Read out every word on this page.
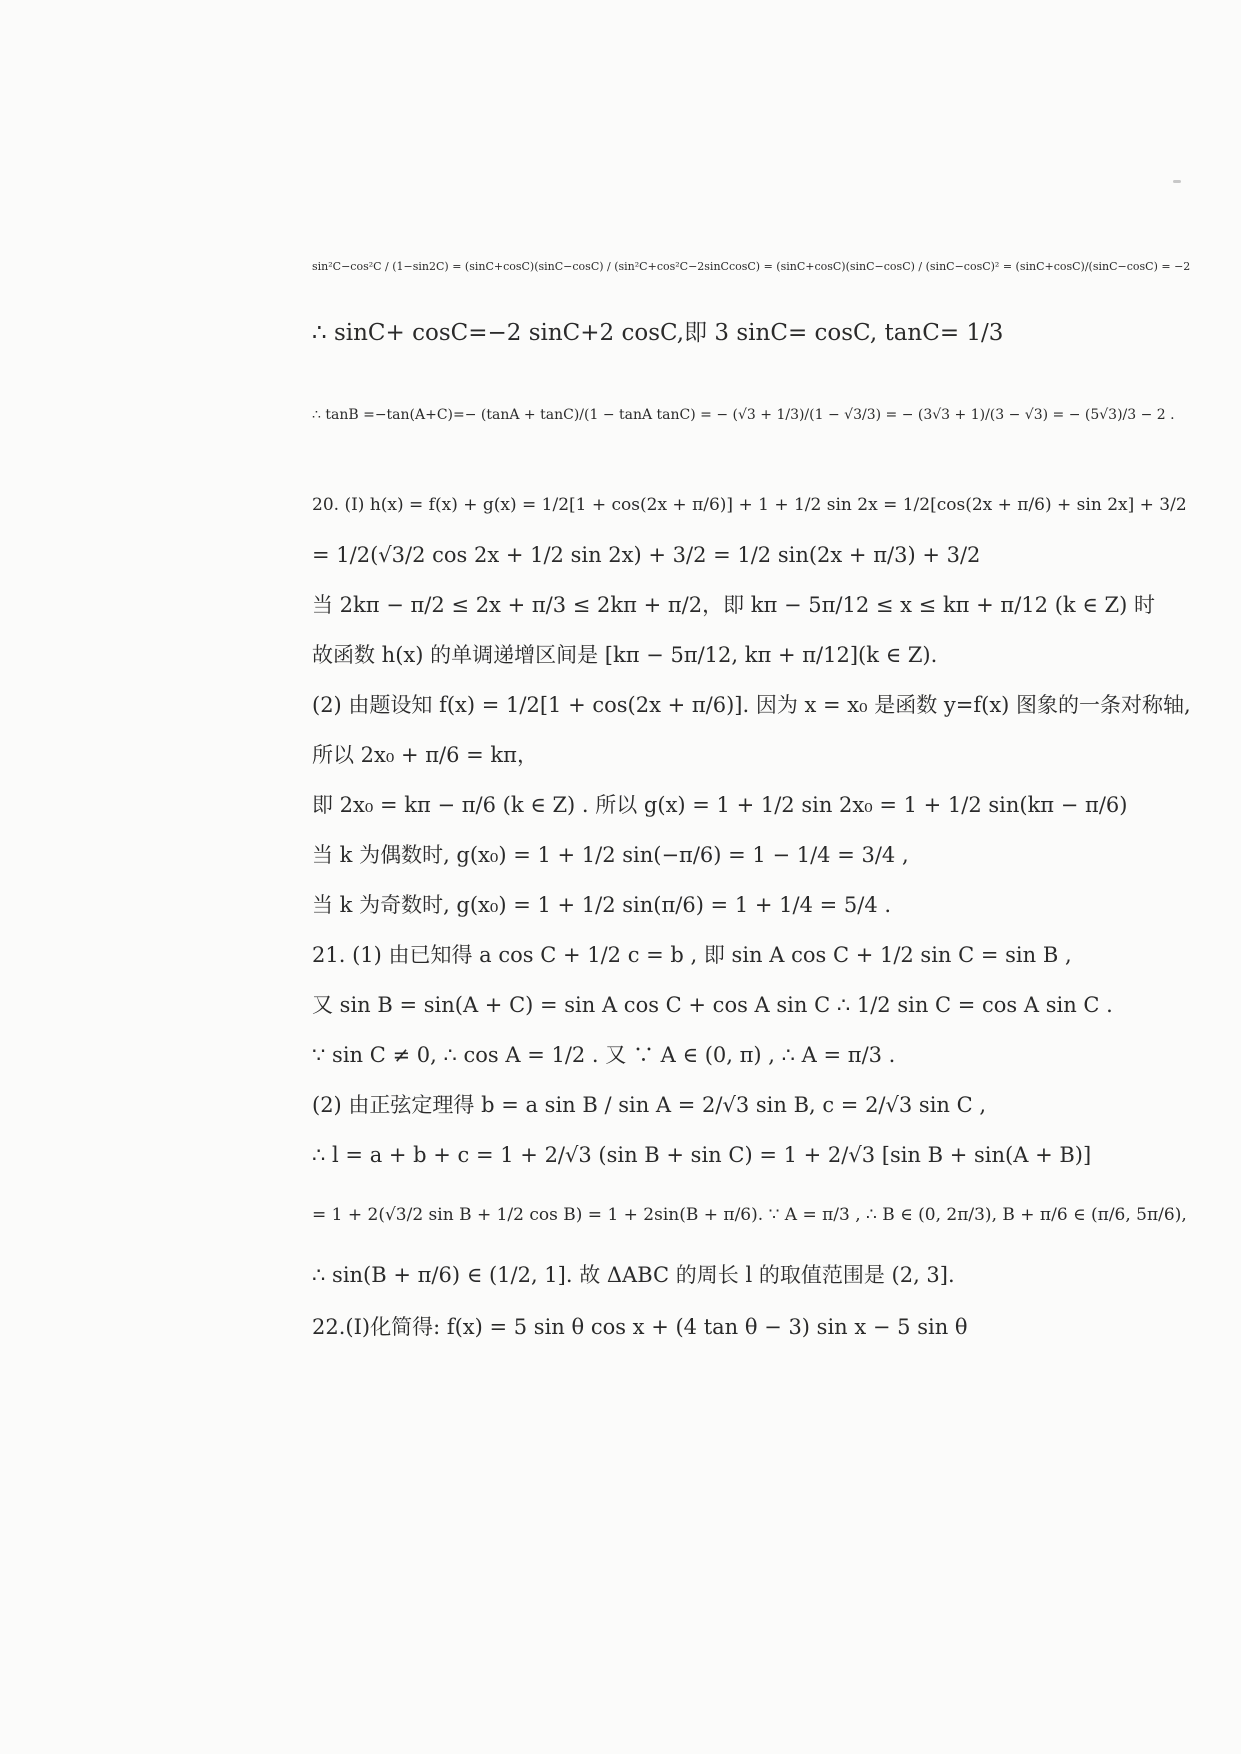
sin²C−cos²C / (1−sin2C) = (sinC+cosC)(sinC−cosC) / (sin²C+cos²C−2sinCcosC) = (sinC+cosC)(sinC−cosC) / (sinC−cosC)² = (sinC+cosC)/(sinC−cosC) = −2
∴ sinC+ cosC=−2 sinC+2 cosC,即 3 sinC= cosC, tanC= 1/3
∴ tanB =−tan(A+C)=− (tanA + tanC)/(1 − tanA tanC) = − (√3 + 1/3)/(1 − √3/3) = − (3√3 + 1)/(3 − √3) = − (5√3)/3 − 2 .
20. (I) h(x) = f(x) + g(x) = 1/2[1 + cos(2x + π/6)] + 1 + 1/2 sin 2x = 1/2[cos(2x + π/6) + sin 2x] + 3/2
= 1/2(√3/2 cos 2x + 1/2 sin 2x) + 3/2 = 1/2 sin(2x + π/3) + 3/2
当 2kπ − π/2 ≤ 2x + π/3 ≤ 2kπ + π/2，即 kπ − 5π/12 ≤ x ≤ kπ + π/12 (k ∈ Z) 时
故函数 h(x) 的单调递增区间是 [kπ − 5π/12, kπ + π/12](k ∈ Z).
(2) 由题设知 f(x) = 1/2[1 + cos(2x + π/6)]. 因为 x = x₀ 是函数 y=f(x) 图象的一条对称轴,
所以 2x₀ + π/6 = kπ，
即 2x₀ = kπ − π/6 (k ∈ Z) . 所以 g(x) = 1 + 1/2 sin 2x₀ = 1 + 1/2 sin(kπ − π/6)
当 k 为偶数时, g(x₀) = 1 + 1/2 sin(−π/6) = 1 − 1/4 = 3/4 ,
当 k 为奇数时, g(x₀) = 1 + 1/2 sin(π/6) = 1 + 1/4 = 5/4 .
21. (1) 由已知得 a cos C + 1/2 c = b , 即 sin A cos C + 1/2 sin C = sin B ,
又 sin B = sin(A + C) = sin A cos C + cos A sin C ∴ 1/2 sin C = cos A sin C .
∵ sin C ≠ 0, ∴ cos A = 1/2 . 又 ∵ A ∈ (0, π) , ∴ A = π/3 .
(2) 由正弦定理得 b = a sin B / sin A = 2/√3 sin B, c = 2/√3 sin C ,
∴ l = a + b + c = 1 + 2/√3 (sin B + sin C) = 1 + 2/√3 [sin B + sin(A + B)]
= 1 + 2(√3/2 sin B + 1/2 cos B) = 1 + 2sin(B + π/6). ∵ A = π/3 , ∴ B ∈ (0, 2π/3), B + π/6 ∈ (π/6, 5π/6),
∴ sin(B + π/6) ∈ (1/2, 1]. 故 ΔABC 的周长 l 的取值范围是 (2, 3].
22.(Ⅰ)化简得: f(x) = 5 sin θ cos x + (4 tan θ − 3) sin x − 5 sin θ
